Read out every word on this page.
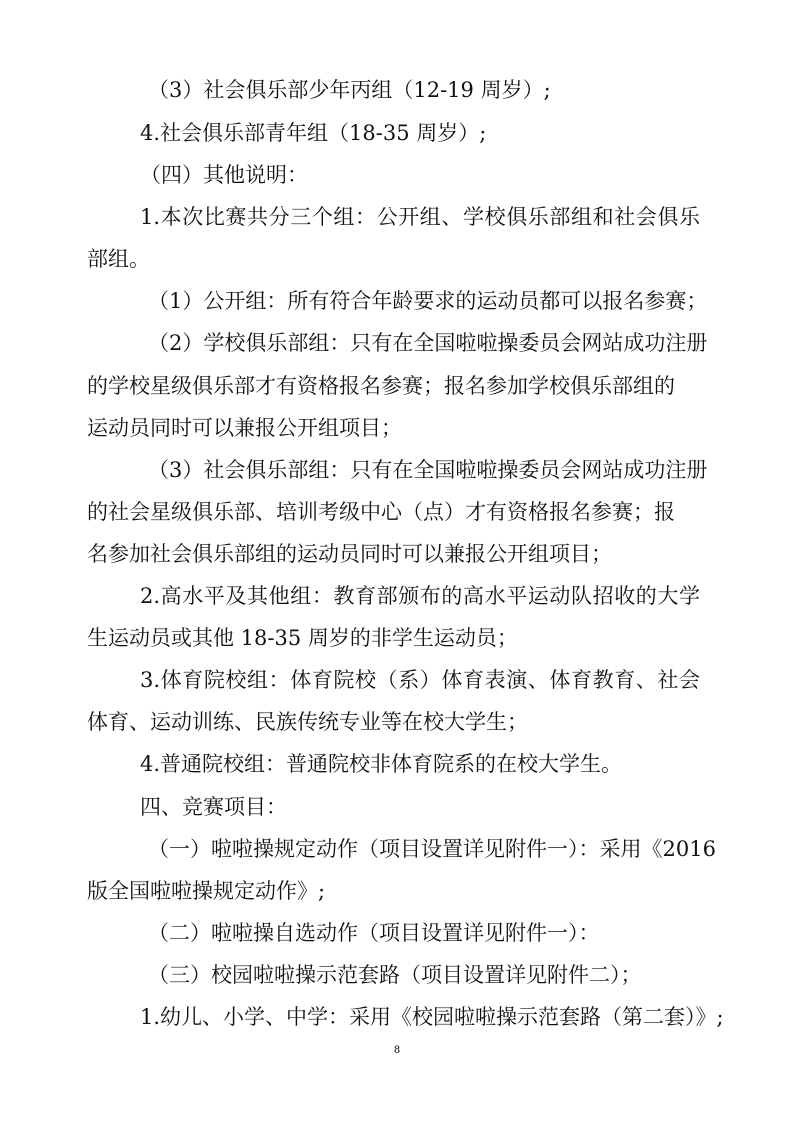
（3）社会俱乐部少年丙组（12-19 周岁）;
4.社会俱乐部青年组（18-35 周岁）;
（四）其他说明：
1.本次比赛共分三个组：公开组、学校俱乐部组和社会俱乐
部组。
（1）公开组：所有符合年龄要求的运动员都可以报名参赛；
（2）学校俱乐部组：只有在全国啦啦操委员会网站成功注册
的学校星级俱乐部才有资格报名参赛；报名参加学校俱乐部组的
运动员同时可以兼报公开组项目；
（3）社会俱乐部组：只有在全国啦啦操委员会网站成功注册
的社会星级俱乐部、培训考级中心（点）才有资格报名参赛；报
名参加社会俱乐部组的运动员同时可以兼报公开组项目；
2.高水平及其他组：教育部颁布的高水平运动队招收的大学
生运动员或其他 18-35 周岁的非学生运动员；
3.体育院校组：体育院校（系）体育表演、体育教育、社会
体育、运动训练、民族传统专业等在校大学生；
4.普通院校组：普通院校非体育院系的在校大学生。
四、竞赛项目：
（一）啦啦操规定动作（项目设置详见附件一）：采用《2016
版全国啦啦操规定动作》;
（二）啦啦操自选动作（项目设置详见附件一）：
（三）校园啦啦操示范套路（项目设置详见附件二）；
1.幼儿、小学、中学：采用《校园啦啦操示范套路（第二套）》;
8
